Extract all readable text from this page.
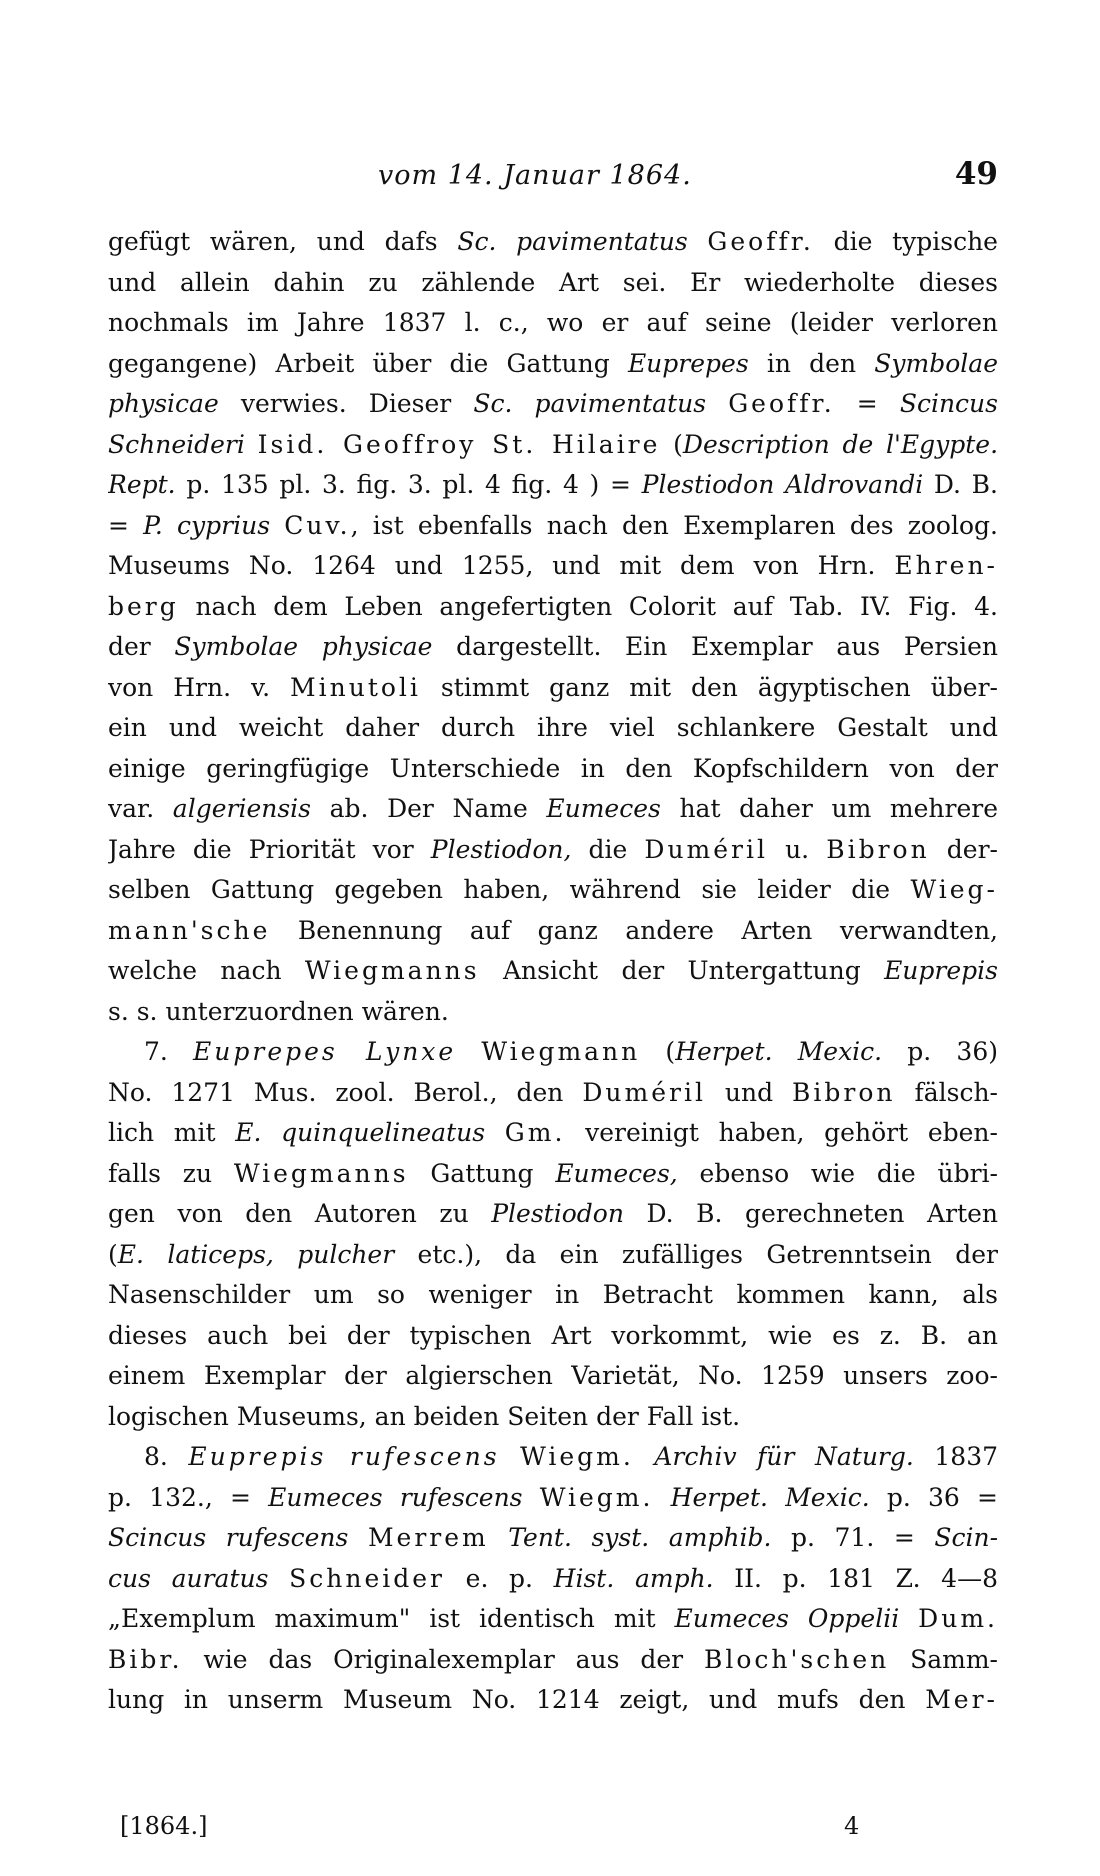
vom 14. Januar 1864.	49
gefügt wären, und dafs Sc. pavimentatus Geoffr. die typische
und allein dahin zu zählende Art sei. Er wiederholte dieses
nochmals im Jahre 1837 l. c., wo er auf seine (leider verloren
gegangene) Arbeit über die Gattung Euprepes in den Symbolae
physicae verwies. Dieser Sc. pavimentatus Geoffr. = Scincus
Schneideri Isid. Geoffroy St. Hilaire (Description de l'Egypte.
Rept. p. 135 pl. 3. fig. 3. pl. 4 fig. 4 ) = Plestiodon Aldrovandi D. B.
= P. cyprius Cuv., ist ebenfalls nach den Exemplaren des zoolog.
Museums No. 1264 und 1255, und mit dem von Hrn. Ehren-
berg nach dem Leben angefertigten Colorit auf Tab. IV. Fig. 4.
der Symbolae physicae dargestellt. Ein Exemplar aus Persien
von Hrn. v. Minutoli stimmt ganz mit den ägyptischen über-
ein und weicht daher durch ihre viel schlankere Gestalt und
einige geringfügige Unterschiede in den Kopfschildern von der
var. algeriensis ab. Der Name Eumeces hat daher um mehrere
Jahre die Priorität vor Plestiodon, die Duméril u. Bibron der-
selben Gattung gegeben haben, während sie leider die Wieg-
mann'sche Benennung auf ganz andere Arten verwandten,
welche nach Wiegmanns Ansicht der Untergattung Euprepis
s. s. unterzuordnen wären.
7. Euprepes Lynxe Wiegmann (Herpet. Mexic. p. 36)
No. 1271 Mus. zool. Berol., den Duméril und Bibron fälsch-
lich mit E. quinquelineatus Gm. vereinigt haben, gehört eben-
falls zu Wiegmanns Gattung Eumeces, ebenso wie die übri-
gen von den Autoren zu Plestiodon D. B. gerechneten Arten
(E. laticeps, pulcher etc.), da ein zufälliges Getrenntsein der
Nasenschilder um so weniger in Betracht kommen kann, als
dieses auch bei der typischen Art vorkommt, wie es z. B. an
einem Exemplar der algierschen Varietät, No. 1259 unsers zoo-
logischen Museums, an beiden Seiten der Fall ist.
8. Euprepis rufescens Wiegm. Archiv für Naturg. 1837
p. 132., = Eumeces rufescens Wiegm. Herpet. Mexic. p. 36 =
Scincus rufescens Merrem Tent. syst. amphib. p. 71. = Scin-
cus auratus Schneider e. p. Hist. amph. II. p. 181 Z. 4—8
„Exemplum maximum" ist identisch mit Eumeces Oppelii Dum.
Bibr. wie das Originalexemplar aus der Bloch'schen Samm-
lung in unserm Museum No. 1214 zeigt, und mufs den Mer-
[1864.]	4
